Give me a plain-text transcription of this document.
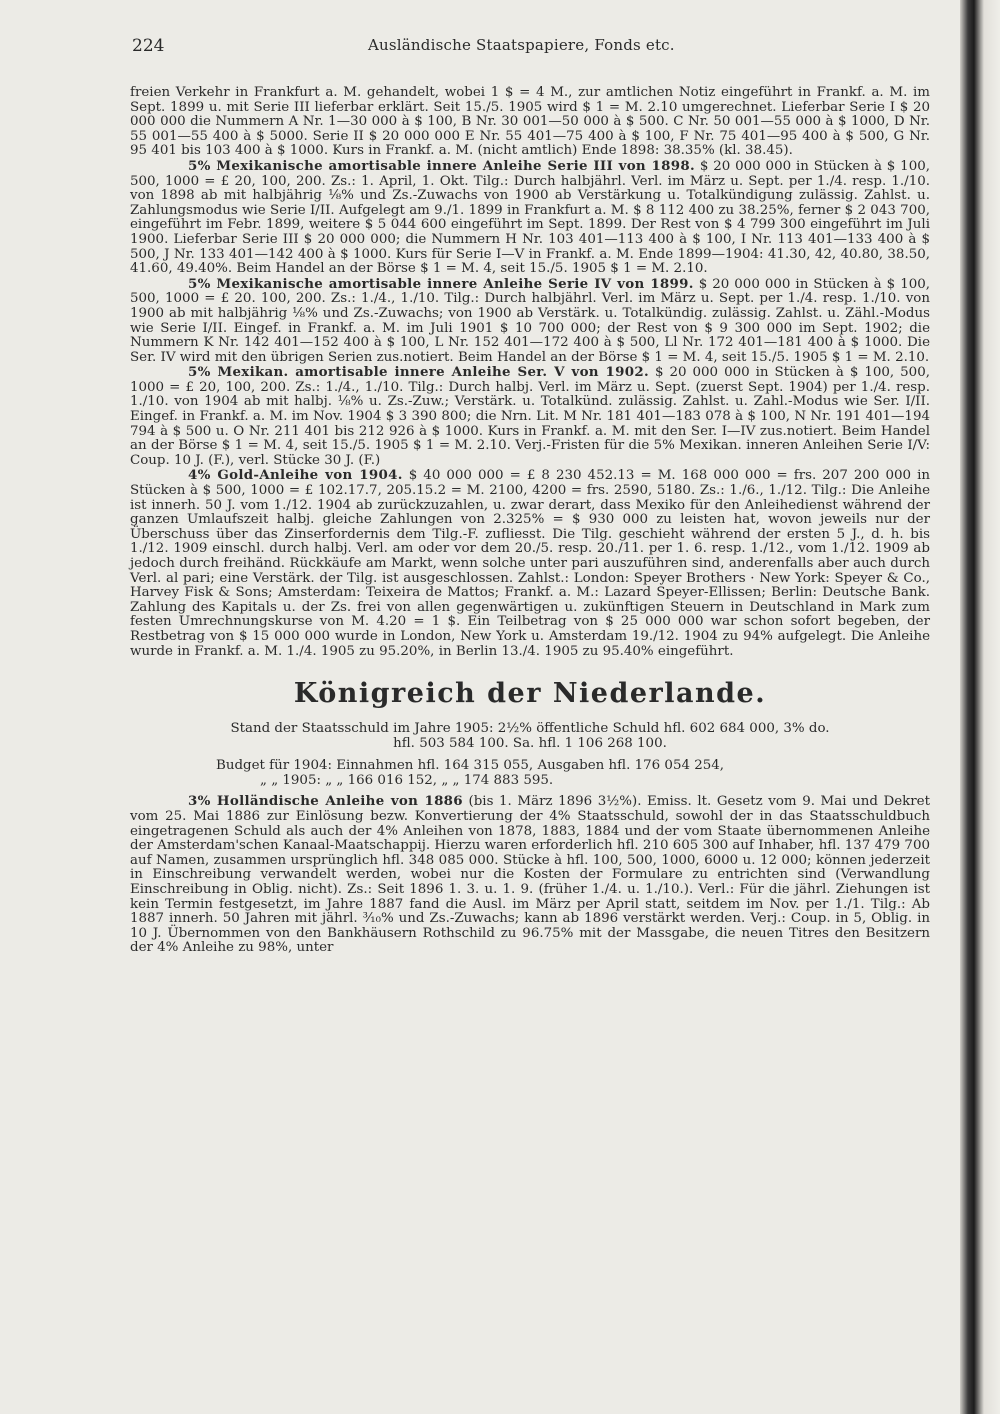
224	Ausländische Staatspapiere, Fonds etc.

freien Verkehr in Frankfurt a. M. gehandelt, wobei 1 $ = 4 M., zur amtlichen Notiz eingeführt in Frankf. a. M. im Sept. 1899 u. mit Serie III lieferbar erklärt. Seit 15./5. 1905 wird $ 1 = M. 2.10 umgerechnet. Lieferbar Serie I $ 20 000 000 die Nummern A Nr. 1—30 000 à $ 100, B Nr. 30 001—50 000 à $ 500. C Nr. 50 001—55 000 à $ 1000, D Nr. 55 001—55 400 à $ 5000. Serie II $ 20 000 000 E Nr. 55 401—75 400 à $ 100, F Nr. 75 401—95 400 à $ 500, G Nr. 95 401 bis 103 400 à $ 1000. Kurs in Frankf. a. M. (nicht amtlich) Ende 1898: 38.35% (kl. 38.45).

5% Mexikanische amortisable innere Anleihe Serie III von 1898. $ 20 000 000 in Stücken à $ 100, 500, 1000 = £ 20, 100, 200. Zs.: 1. April, 1. Okt. Tilg.: Durch halbjährl. Verl. im März u. Sept. per 1./4. resp. 1./10. von 1898 ab mit halbjährig ⅛% und Zs.-Zuwachs von 1900 ab Verstärkung u. Totalkündigung zulässig. Zahlst. u. Zahlungsmodus wie Serie I/II. Aufgelegt am 9./1. 1899 in Frankfurt a. M. $ 8 112 400 zu 38.25%, ferner $ 2 043 700, eingeführt im Febr. 1899, weitere $ 5 044 600 eingeführt im Sept. 1899. Der Rest von $ 4 799 300 eingeführt im Juli 1900. Lieferbar Serie III $ 20 000 000; die Nummern H Nr. 103 401—113 400 à $ 100, I Nr. 113 401—133 400 à $ 500, J Nr. 133 401—142 400 à $ 1000. Kurs für Serie I—V in Frankf. a. M. Ende 1899—1904: 41.30, 42, 40.80, 38.50, 41.60, 49.40%. Beim Handel an der Börse $ 1 = M. 4, seit 15./5. 1905 $ 1 = M. 2.10.

5% Mexikanische amortisable innere Anleihe Serie IV von 1899. $ 20 000 000 in Stücken à $ 100, 500, 1000 = £ 20. 100, 200. Zs.: 1./4., 1./10. Tilg.: Durch halbjährl. Verl. im März u. Sept. per 1./4. resp. 1./10. von 1900 ab mit halbjährig ⅛% und Zs.-Zuwachs; von 1900 ab Verstärk. u. Totalkündig. zulässig. Zahlst. u. Zähl.-Modus wie Serie I/II. Eingef. in Frankf. a. M. im Juli 1901 $ 10 700 000; der Rest von $ 9 300 000 im Sept. 1902; die Nummern K Nr. 142 401—152 400 à $ 100, L Nr. 152 401—172 400 à $ 500, Ll Nr. 172 401—181 400 à $ 1000. Die Ser. IV wird mit den übrigen Serien zus.notiert. Beim Handel an der Börse $ 1 = M. 4, seit 15./5. 1905 $ 1 = M. 2.10.

5% Mexikan. amortisable innere Anleihe Ser. V von 1902. $ 20 000 000 in Stücken à $ 100, 500, 1000 = £ 20, 100, 200. Zs.: 1./4., 1./10. Tilg.: Durch halbj. Verl. im März u. Sept. (zuerst Sept. 1904) per 1./4. resp. 1./10. von 1904 ab mit halbj. ⅛% u. Zs.-Zuw.; Verstärk. u. Totalkünd. zulässig. Zahlst. u. Zahl.-Modus wie Ser. I/II. Eingef. in Frankf. a. M. im Nov. 1904 $ 3 390 800; die Nrn. Lit. M Nr. 181 401—183 078 à $ 100, N Nr. 191 401—194 794 à $ 500 u. O Nr. 211 401 bis 212 926 à $ 1000. Kurs in Frankf. a. M. mit den Ser. I—IV zus.notiert. Beim Handel an der Börse $ 1 = M. 4, seit 15./5. 1905 $ 1 = M. 2.10. Verj.-Fristen für die 5% Mexikan. inneren Anleihen Serie I/V: Coup. 10 J. (F.), verl. Stücke 30 J. (F.)

4% Gold-Anleihe von 1904. $ 40 000 000 = £ 8 230 452.13 = M. 168 000 000 = frs. 207 200 000 in Stücken à $ 500, 1000 = £ 102.17.7, 205.15.2 = M. 2100, 4200 = frs. 2590, 5180. Zs.: 1./6., 1./12. Tilg.: Die Anleihe ist innerh. 50 J. vom 1./12. 1904 ab zurückzuzahlen, u. zwar derart, dass Mexiko für den Anleihedienst während der ganzen Umlaufszeit halbj. gleiche Zahlungen von 2.325% = $ 930 000 zu leisten hat, wovon jeweils nur der Überschuss über das Zinserfordernis dem Tilg.-F. zufliesst. Die Tilg. geschieht während der ersten 5 J., d. h. bis 1./12. 1909 einschl. durch halbj. Verl. am oder vor dem 20./5. resp. 20./11. per 1. 6. resp. 1./12., vom 1./12. 1909 ab jedoch durch freihänd. Rückkäufe am Markt, wenn solche unter pari auszuführen sind, anderenfalls aber auch durch Verl. al pari; eine Verstärk. der Tilg. ist ausgeschlossen. Zahlst.: London: Speyer Brothers · New York: Speyer & Co., Harvey Fisk & Sons; Amsterdam: Teixeira de Mattos; Frankf. a. M.: Lazard Speyer-Ellissen; Berlin: Deutsche Bank. Zahlung des Kapitals u. der Zs. frei von allen gegenwärtigen u. zukünftigen Steuern in Deutschland in Mark zum festen Umrechnungskurse von M. 4.20 = 1 $. Ein Teilbetrag von $ 25 000 000 war schon sofort begeben, der Restbetrag von $ 15 000 000 wurde in London, New York u. Amsterdam 19./12. 1904 zu 94% aufgelegt. Die Anleihe wurde in Frankf. a. M. 1./4. 1905 zu 95.20%, in Berlin 13./4. 1905 zu 95.40% eingeführt.

Königreich der Niederlande.

Stand der Staatsschuld im Jahre 1905: 2½% öffentliche Schuld hfl. 602 684 000, 3% do.

hfl. 503 584 100. Sa. hfl. 1 106 268 100.

Budget für 1904: Einnahmen hfl. 164 315 055, Ausgaben hfl. 176 054 254,

„ „ 1905: „ „ 166 016 152, „ „ 174 883 595.

3% Holländische Anleihe von 1886 (bis 1. März 1896 3½%). Emiss. lt. Gesetz vom 9. Mai und Dekret vom 25. Mai 1886 zur Einlösung bezw. Konvertierung der 4% Staatsschuld, sowohl der in das Staatsschuldbuch eingetragenen Schuld als auch der 4% Anleihen von 1878, 1883, 1884 und der vom Staate übernommenen Anleihe der Amsterdam'schen Kanaal-Maatschappij. Hierzu waren erforderlich hfl. 210 605 300 auf Inhaber, hfl. 137 479 700 auf Namen, zusammen ursprünglich hfl. 348 085 000. Stücke à hfl. 100, 500, 1000, 6000 u. 12 000; können jederzeit in Einschreibung verwandelt werden, wobei nur die Kosten der Formulare zu entrichten sind (Verwandlung Einschreibung in Oblig. nicht). Zs.: Seit 1896 1. 3. u. 1. 9. (früher 1./4. u. 1./10.). Verl.: Für die jährl. Ziehungen ist kein Termin festgesetzt, im Jahre 1887 fand die Ausl. im März per April statt, seitdem im Nov. per 1./1. Tilg.: Ab 1887 innerh. 50 Jahren mit jährl. ³⁄₁₀% und Zs.-Zuwachs; kann ab 1896 verstärkt werden. Verj.: Coup. in 5, Oblig. in 10 J. Übernommen von den Bankhäusern Rothschild zu 96.75% mit der Massgabe, die neuen Titres den Besitzern der 4% Anleihe zu 98%, unter
